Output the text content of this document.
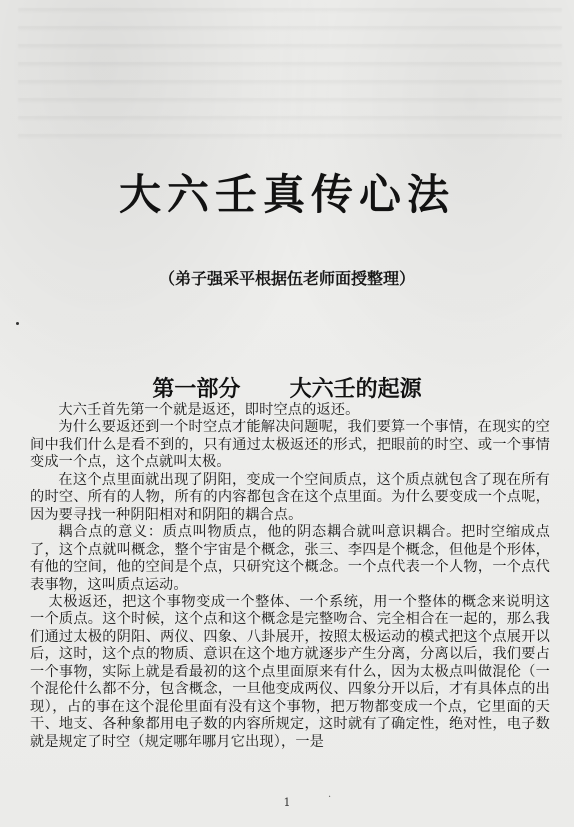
大六壬真传心法
（弟子强采平根据伍老师面授整理）
第一部分 大六壬的起源

大六壬首先第一个就是返还，即时空点的返还。

为什么要返还到一个时空点才能解决问题呢，我们要算一个事情，在现实的空间中我们什么是看不到的，只有通过太极返还的形式，把眼前的时空、或一个事情变成一个点，这个点就叫太极。

在这个点里面就出现了阴阳，变成一个空间质点，这个质点就包含了现在所有的时空、所有的人物，所有的内容都包含在这个点里面。为什么要变成一个点呢，因为要寻找一种阴阳相对和阴阳的耦合点。

耦合点的意义：质点叫物质点，他的阴态耦合就叫意识耦合。把时空缩成点了，这个点就叫概念，整个宇宙是个概念，张三、李四是个概念，但他是个形体，有他的空间，他的空间是个点，只研究这个概念。一个点代表一个人物，一个点代表事物，这叫质点运动。

太极返还，把这个事物变成一个整体、一个系统，用一个整体的概念来说明这一个质点。这个时候，这个点和这个概念是完整吻合、完全相合在一起的，那么我们通过太极的阴阳、两仪、四象、八卦展开，按照太极运动的模式把这个点展开以后，这时，这个点的物质、意识在这个地方就逐步产生分离，分离以后，我们要占一个事物，实际上就是看最初的这个点里面原来有什么，因为太极点叫做混伦（一个混伦什么都不分，包含概念，一旦他变成两仪、四象分开以后，才有具体点的出现），占的事在这个混伦里面有没有这个事物，把万物都变成一个点，它里面的天干、地支、各种象都用电子数的内容所规定，这时就有了确定性，绝对性，电子数就是规定了时空（规定哪年哪月它出现），一是

1	·
